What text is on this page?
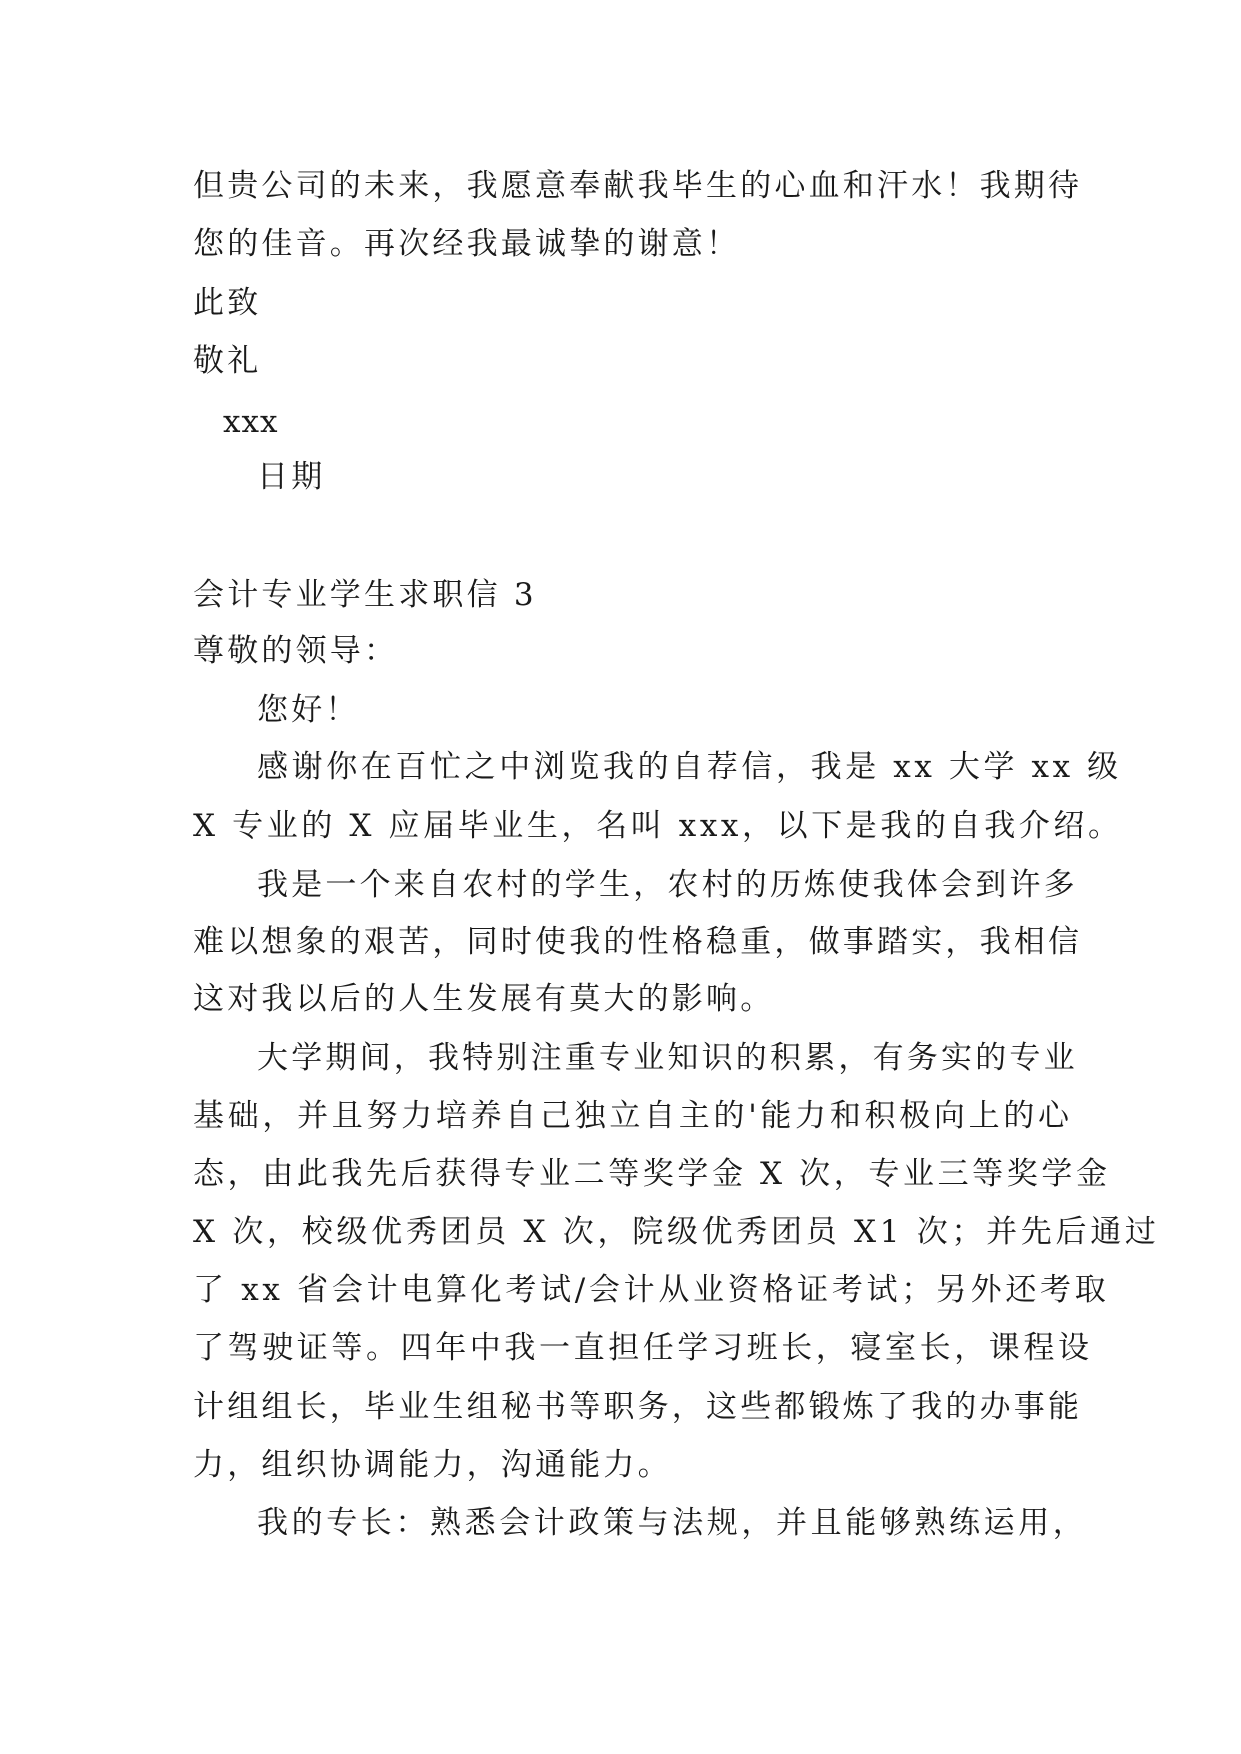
但贵公司的未来，我愿意奉献我毕生的心血和汗水！我期待
您的佳音。再次经我最诚挚的谢意！
此致
敬礼
xxx
日期
会计专业学生求职信 3
尊敬的领导：
您好！
感谢你在百忙之中浏览我的自荐信，我是 xx 大学 xx 级
X 专业的 X 应届毕业生，名叫 xxx，以下是我的自我介绍。
我是一个来自农村的学生，农村的历炼使我体会到许多
难以想象的艰苦，同时使我的性格稳重，做事踏实，我相信
这对我以后的人生发展有莫大的影响。
大学期间，我特别注重专业知识的积累，有务实的专业
基础，并且努力培养自己独立自主的'能力和积极向上的心
态，由此我先后获得专业二等奖学金 X 次，专业三等奖学金
X 次，校级优秀团员 X 次，院级优秀团员 X1 次；并先后通过
了 xx 省会计电算化考试/会计从业资格证考试；另外还考取
了驾驶证等。四年中我一直担任学习班长，寝室长，课程设
计组组长，毕业生组秘书等职务，这些都锻炼了我的办事能
力，组织协调能力，沟通能力。
我的专长：熟悉会计政策与法规，并且能够熟练运用，
